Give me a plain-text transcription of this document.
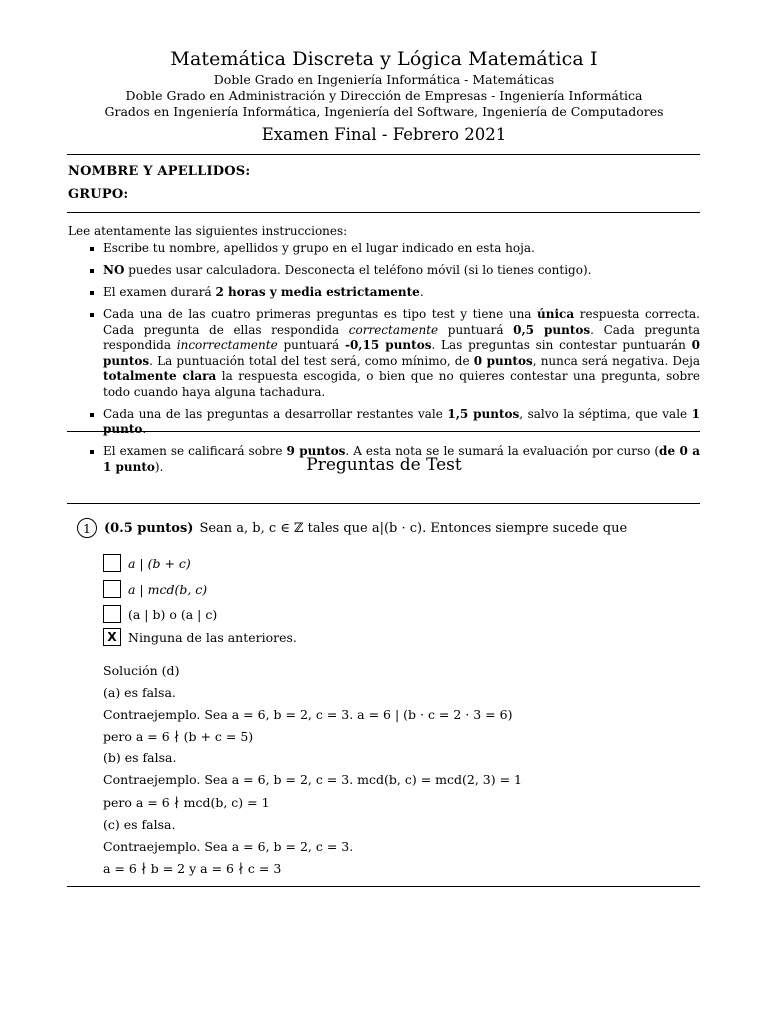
Matemática Discreta y Lógica Matemática I
Doble Grado en Ingeniería Informática - Matemáticas
Doble Grado en Administración y Dirección de Empresas - Ingeniería Informática
Grados en Ingeniería Informática, Ingeniería del Software, Ingeniería de Computadores
Examen Final - Febrero 2021
NOMBRE Y APELLIDOS:
GRUPO:
Lee atentamente las siguientes instrucciones:
Escribe tu nombre, apellidos y grupo en el lugar indicado en esta hoja.
NO puedes usar calculadora. Desconecta el teléfono móvil (si lo tienes contigo).
El examen durará 2 horas y media estrictamente.
Cada una de las cuatro primeras preguntas es tipo test y tiene una única respuesta correcta. Cada pregunta de ellas respondida correctamente puntuará 0,5 puntos. Cada pregunta respondida incorrectamente puntuará -0,15 puntos. Las preguntas sin contestar puntuarán 0 puntos. La puntuación total del test será, como mínimo, de 0 puntos, nunca será negativa. Deja totalmente clara la respuesta escogida, o bien que no quieres contestar una pregunta, sobre todo cuando haya alguna tachadura.
Cada una de las preguntas a desarrollar restantes vale 1,5 puntos, salvo la séptima, que vale 1 punto.
El examen se calificará sobre 9 puntos. A esta nota se le sumará la evaluación por curso (de 0 a 1 punto).	Preguntas de Test
1	(0.5 puntos) Sean a, b, c ∈ ℤ tales que a|(b · c). Entonces siempre sucede que
a | (b + c)
a | mcd(b, c)
(a | b) o (a | c)
X Ninguna de las anteriores.
Solución (d)
(a) es falsa.
Contraejemplo. Sea a = 6, b = 2, c = 3. a = 6 | (b · c = 2 · 3 = 6)
pero a = 6 ∤ (b + c = 5)
(b) es falsa.
Contraejemplo. Sea a = 6, b = 2, c = 3. mcd(b, c) = mcd(2, 3) = 1
pero a = 6 ∤ mcd(b, c) = 1
(c) es falsa.
Contraejemplo. Sea a = 6, b = 2, c = 3.
a = 6 ∤ b = 2 y a = 6 ∤ c = 3
